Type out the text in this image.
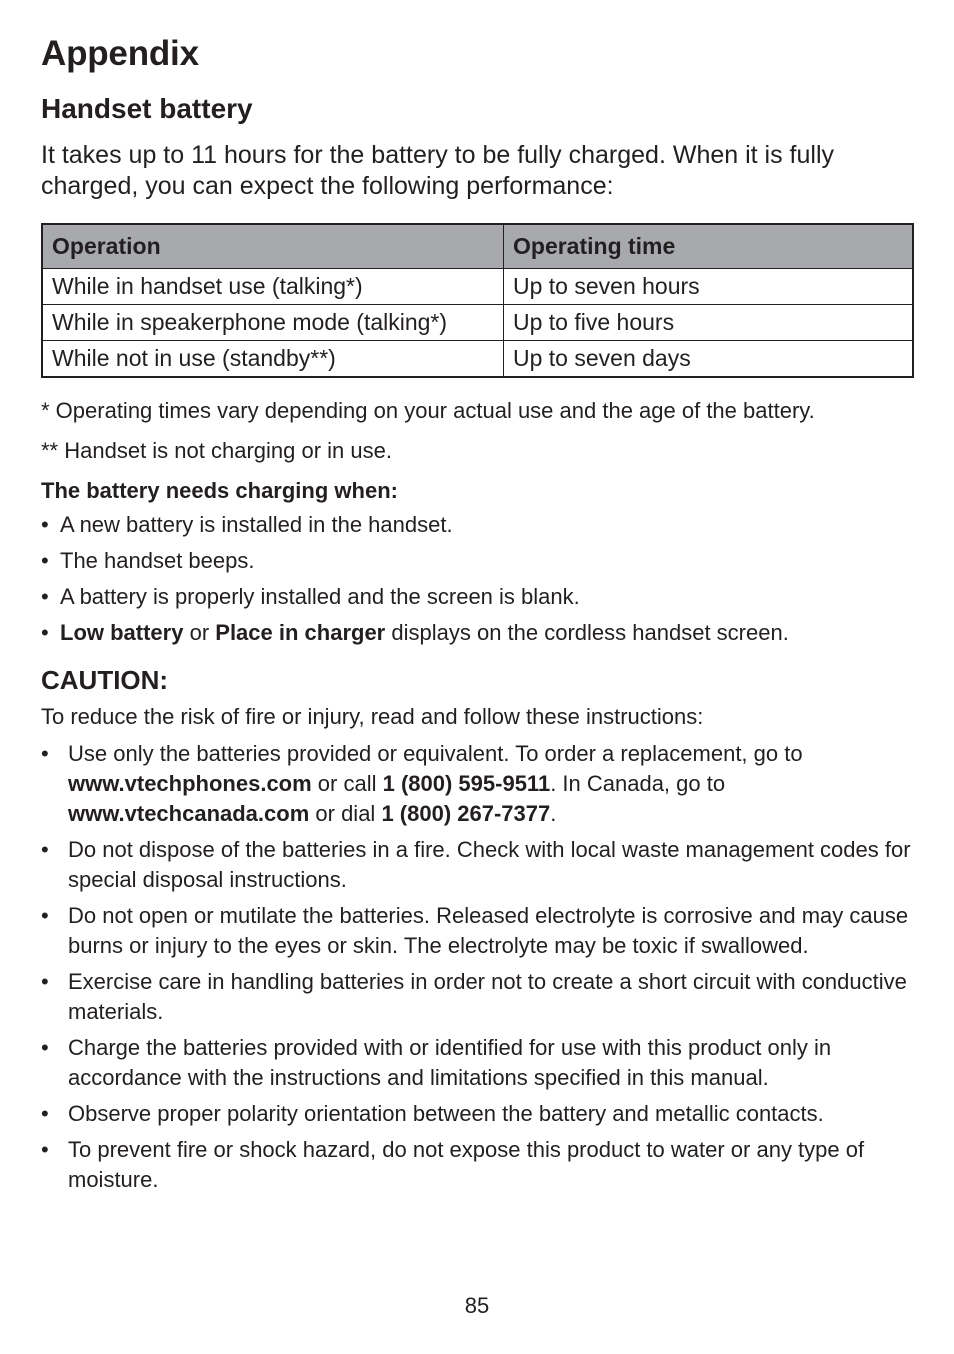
Appendix
Handset battery

It takes up to 11 hours for the battery to be fully charged. When it is fully charged, you can expect the following performance:

Operation	Operating time
While in handset use (talking*)	Up to seven hours
While in speakerphone mode (talking*)	Up to five hours
While not in use (standby**)	Up to seven days
* Operating times vary depending on your actual use and the age of the battery.
** Handset is not charging or in use.
The battery needs charging when:
• A new battery is installed in the handset.
• The handset beeps.
• A battery is properly installed and the screen is blank.
• Low battery or Place in charger displays on the cordless handset screen.
CAUTION:
To reduce the risk of fire or injury, read and follow these instructions:
• Use only the batteries provided or equivalent. To order a replacement, go to www.vtechphones.com or call 1 (800) 595-9511. In Canada, go to www.vtechcanada.com or dial 1 (800) 267-7377.
• Do not dispose of the batteries in a fire. Check with local waste management codes for special disposal instructions.
• Do not open or mutilate the batteries. Released electrolyte is corrosive and may cause burns or injury to the eyes or skin. The electrolyte may be toxic if swallowed.
• Exercise care in handling batteries in order not to create a short circuit with conductive materials.
• Charge the batteries provided with or identified for use with this product only in accordance with the instructions and limitations specified in this manual.
• Observe proper polarity orientation between the battery and metallic contacts.
• To prevent fire or shock hazard, do not expose this product to water or any type of moisture.
85
